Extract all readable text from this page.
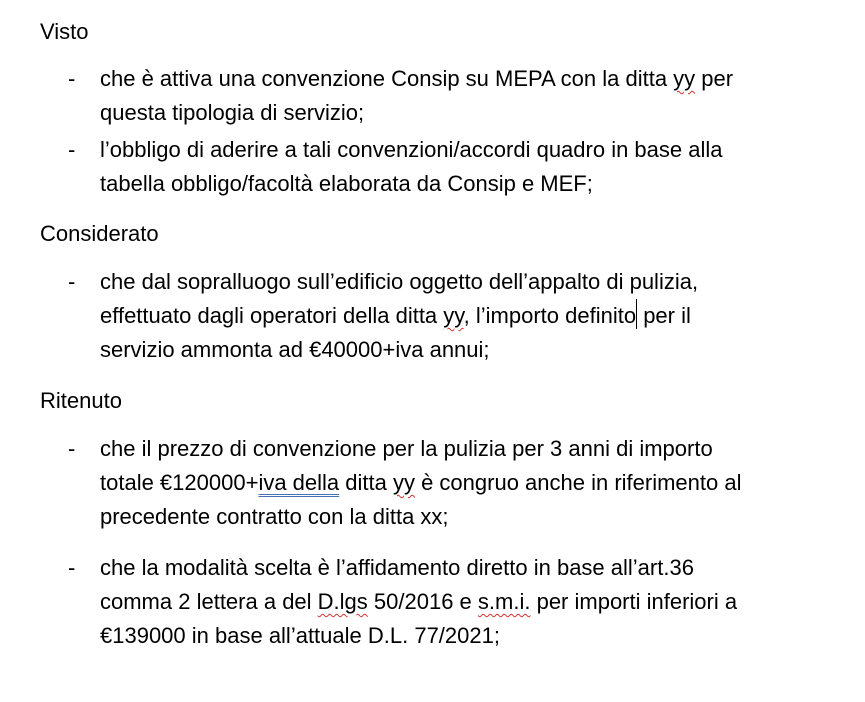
Visto
- che è attiva una convenzione Consip su MEPA con la ditta yy per
questa tipologia di servizio;
- l’obbligo di aderire a tali convenzioni/accordi quadro in base alla
tabella obbligo/facoltà elaborata da Consip e MEF;
Considerato
- che dal sopralluogo sull’edificio oggetto dell’appalto di pulizia,
effettuato dagli operatori della ditta yy, l’importo definito per il
servizio ammonta ad €40000+iva annui;
Ritenuto
- che il prezzo di convenzione per la pulizia per 3 anni di importo
totale €120000+iva della ditta yy è congruo anche in riferimento al
precedente contratto con la ditta xx;
- che la modalità scelta è l’affidamento diretto in base all’art.36
comma 2 lettera a del D.lgs 50/2016 e s.m.i. per importi inferiori a
€139000 in base all’attuale D.L. 77/2021;
